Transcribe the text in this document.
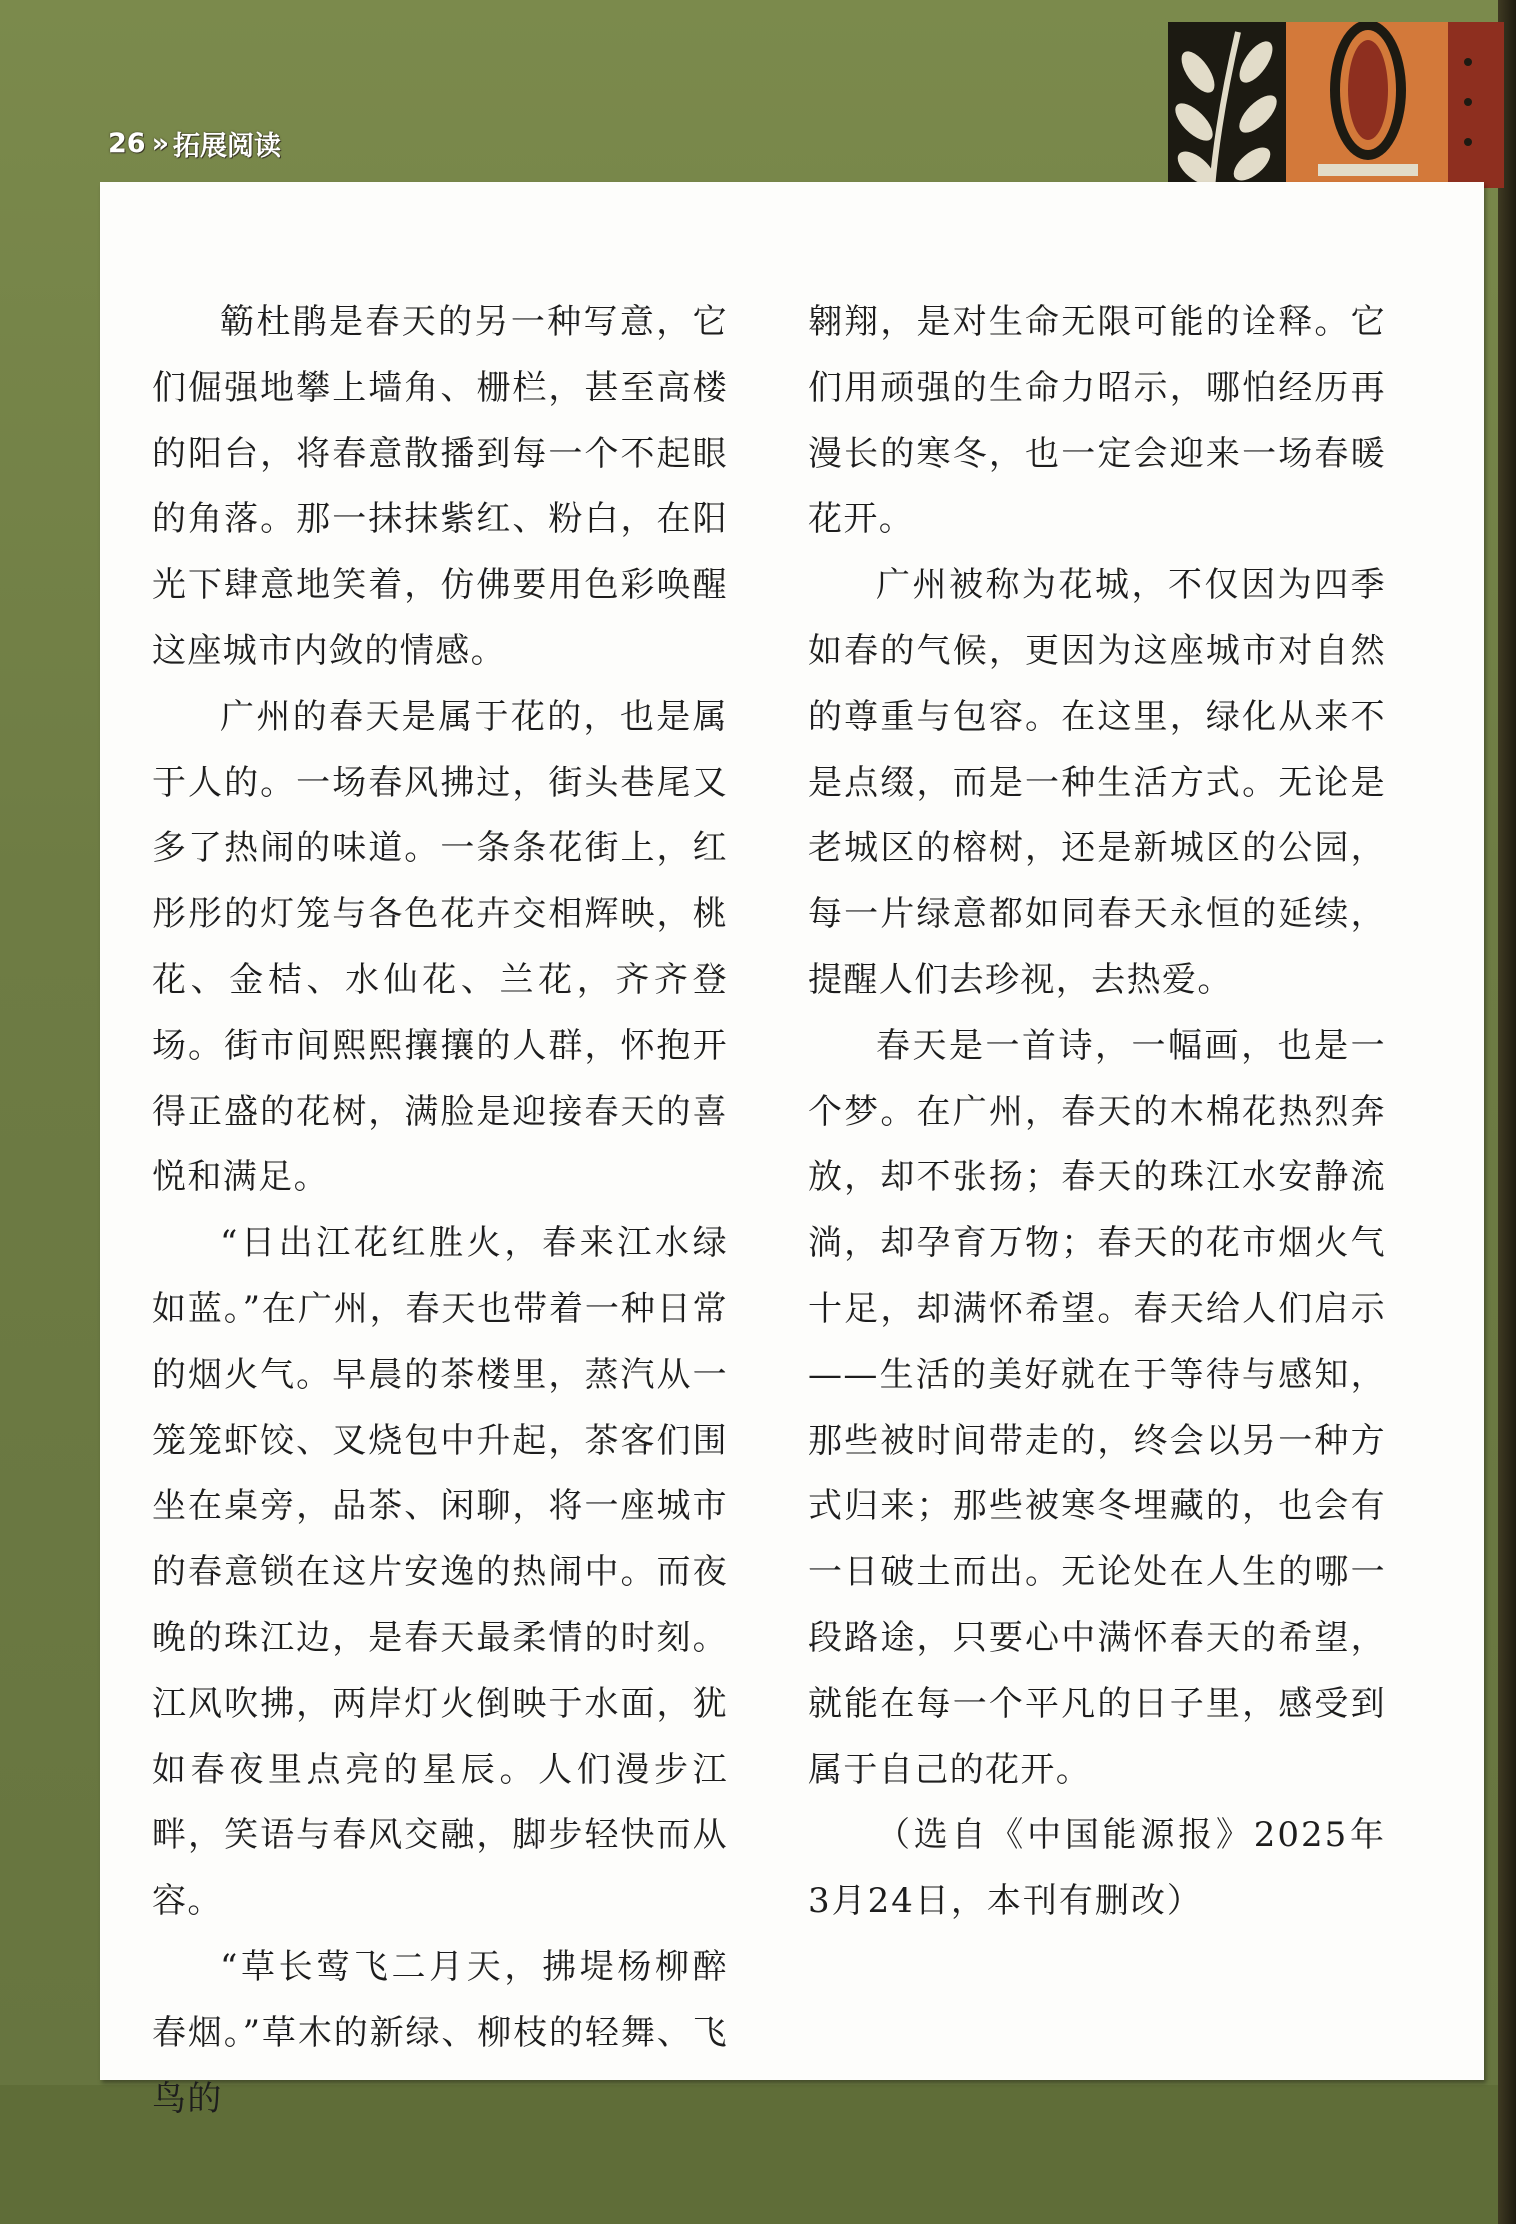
26 » 拓展阅读

簕杜鹃是春天的另一种写意，它们倔强地攀上墙角、栅栏，甚至高楼的阳台，将春意散播到每一个不起眼的角落。那一抹抹紫红、粉白，在阳光下肆意地笑着，仿佛要用色彩唤醒这座城市内敛的情感。

广州的春天是属于花的，也是属于人的。一场春风拂过，街头巷尾又多了热闹的味道。一条条花街上，红彤彤的灯笼与各色花卉交相辉映，桃花、金桔、水仙花、兰花，齐齐登场。街市间熙熙攘攘的人群，怀抱开得正盛的花树，满脸是迎接春天的喜悦和满足。

“日出江花红胜火，春来江水绿如蓝。”在广州，春天也带着一种日常的烟火气。早晨的茶楼里，蒸汽从一笼笼虾饺、叉烧包中升起，茶客们围坐在桌旁，品茶、闲聊，将一座城市的春意锁在这片安逸的热闹中。而夜晚的珠江边，是春天最柔情的时刻。江风吹拂，两岸灯火倒映于水面，犹如春夜里点亮的星辰。人们漫步江畔，笑语与春风交融，脚步轻快而从容。

“草长莺飞二月天，拂堤杨柳醉春烟。”草木的新绿、柳枝的轻舞、飞鸟的

翱翔，是对生命无限可能的诠释。它们用顽强的生命力昭示，哪怕经历再漫长的寒冬，也一定会迎来一场春暖花开。

广州被称为花城，不仅因为四季如春的气候，更因为这座城市对自然的尊重与包容。在这里，绿化从来不是点缀，而是一种生活方式。无论是老城区的榕树，还是新城区的公园，每一片绿意都如同春天永恒的延续，提醒人们去珍视，去热爱。

春天是一首诗，一幅画，也是一个梦。在广州，春天的木棉花热烈奔放，却不张扬；春天的珠江水安静流淌，却孕育万物；春天的花市烟火气十足，却满怀希望。春天给人们启示——生活的美好就在于等待与感知，那些被时间带走的，终会以另一种方式归来；那些被寒冬埋藏的，也会有一日破土而出。无论处在人生的哪一段路途，只要心中满怀春天的希望，就能在每一个平凡的日子里，感受到属于自己的花开。

（选自《中国能源报》2025年3月24日，本刊有删改）
